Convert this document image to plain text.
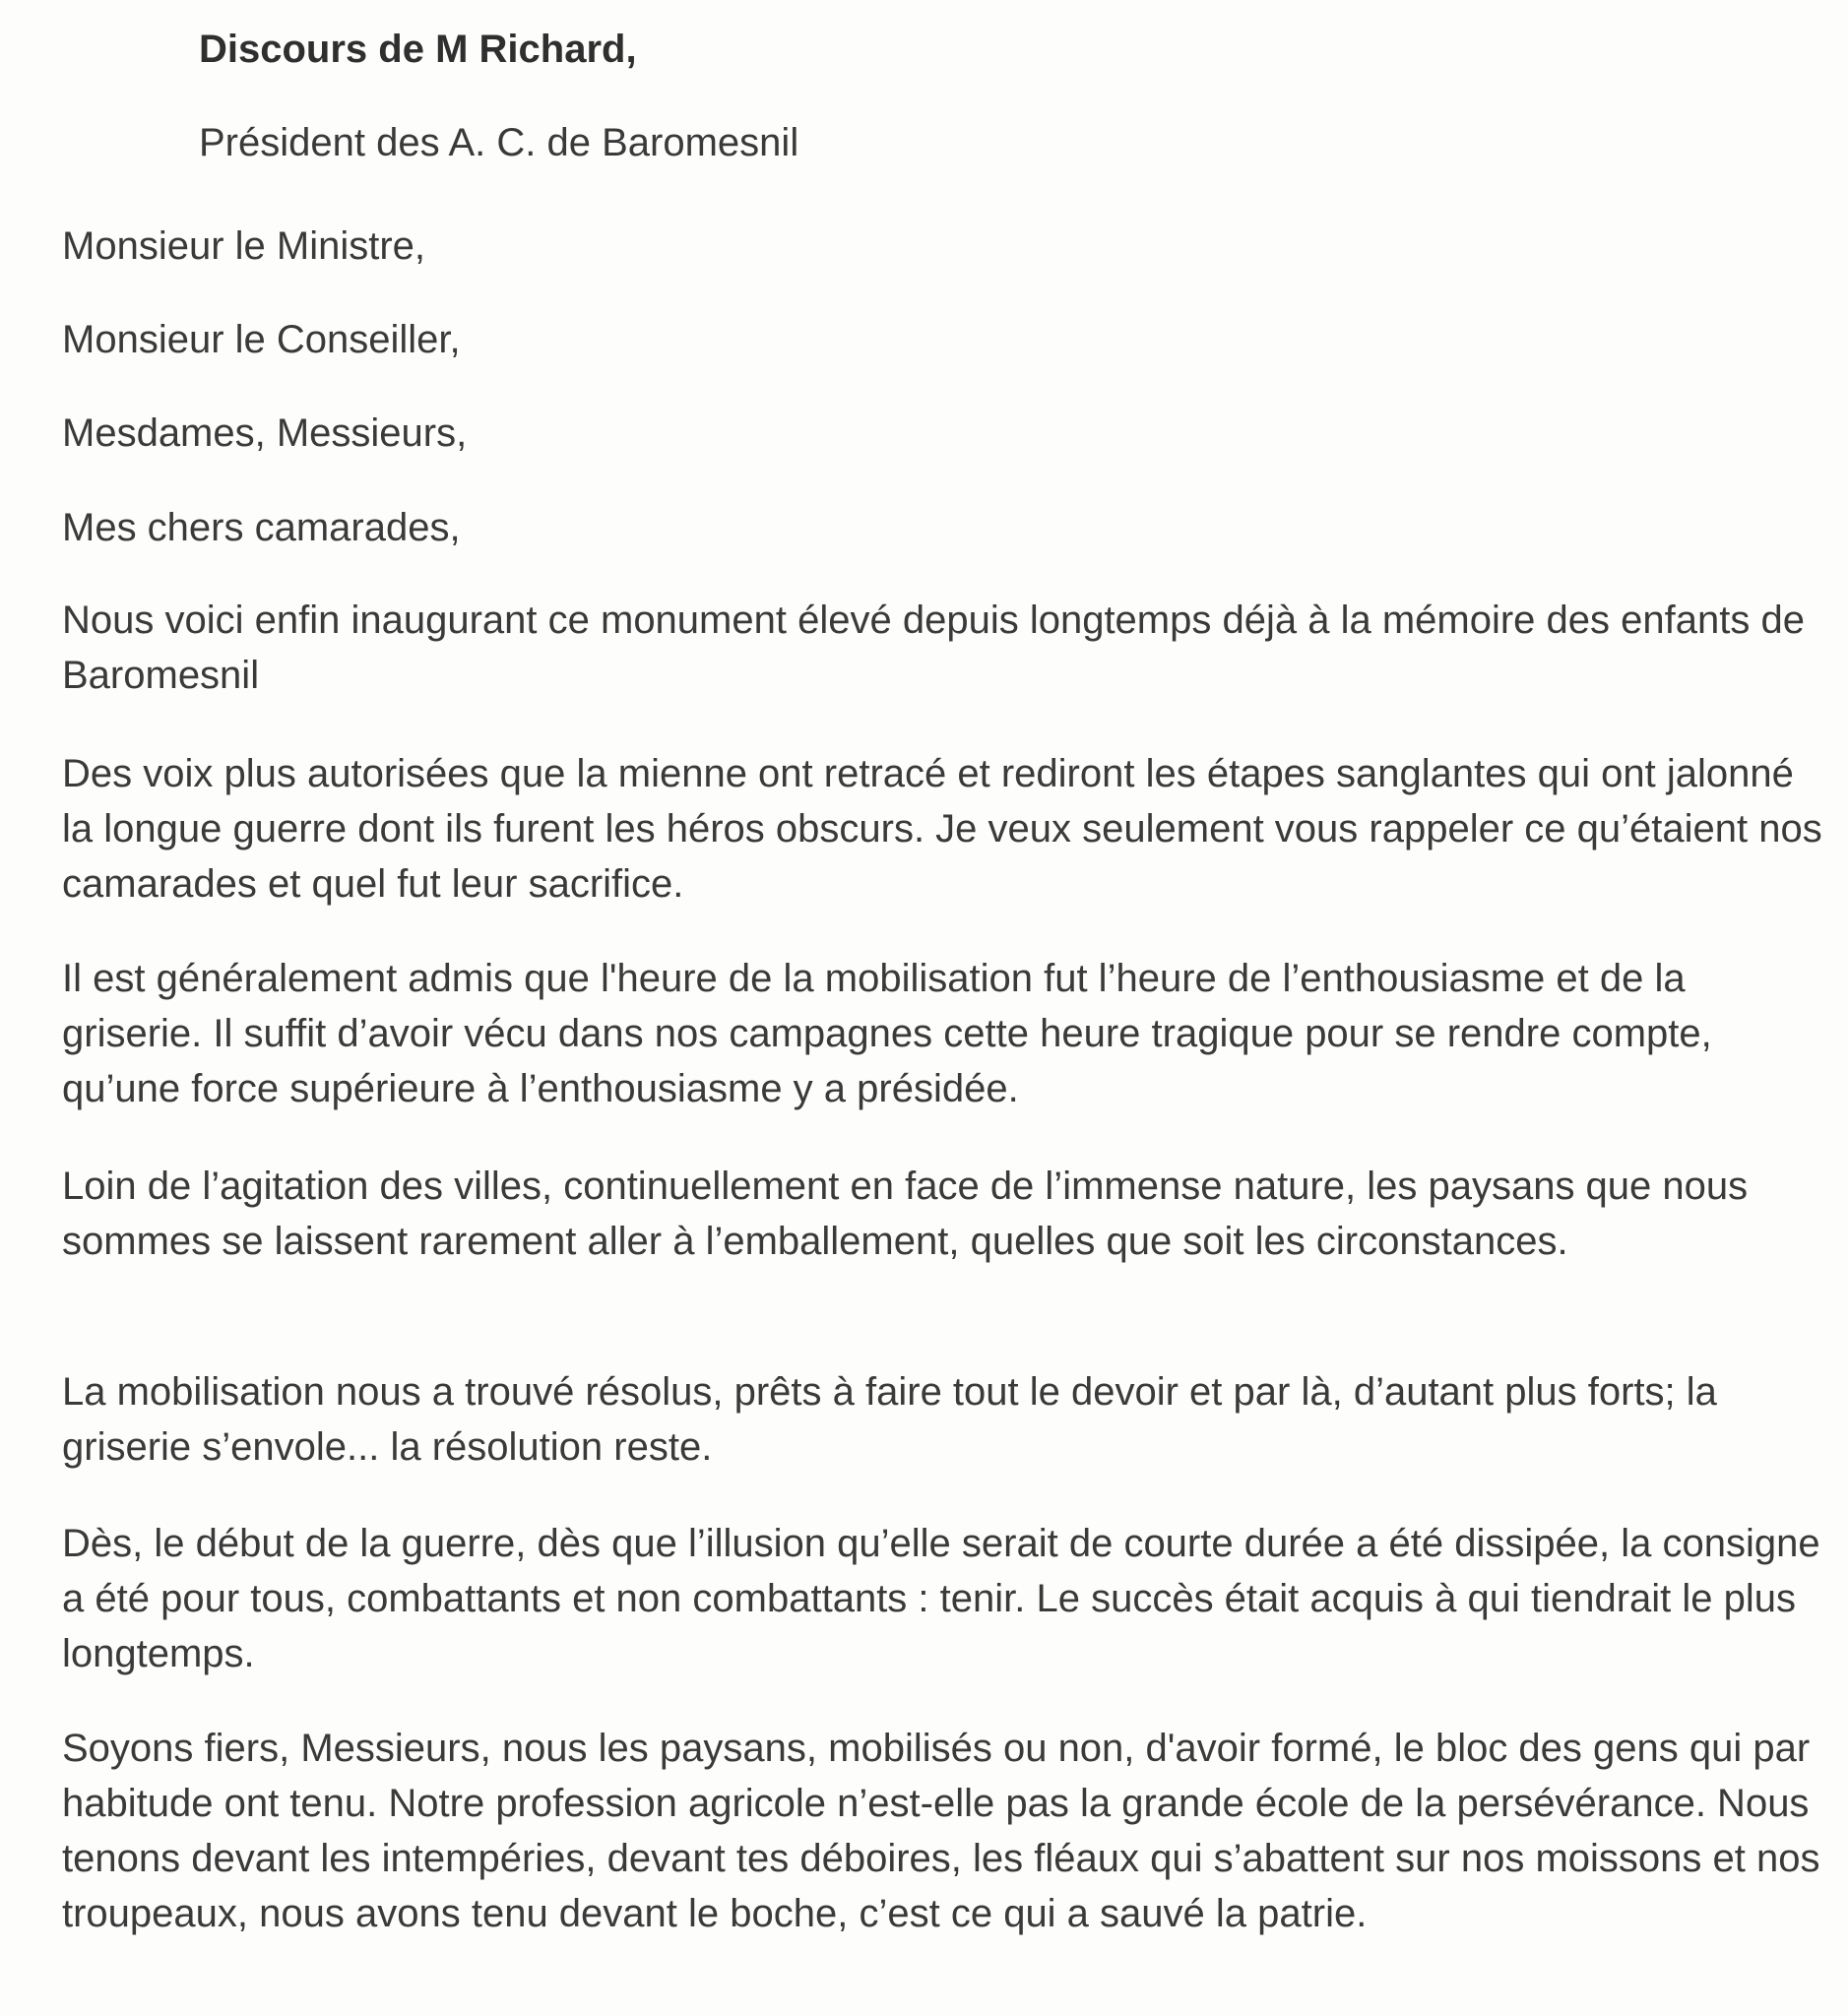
Discours de M Richard,

Président des A. C. de Baromesnil

Monsieur le Ministre,

Monsieur le Conseiller,

Mesdames, Messieurs,

Mes chers camarades,

Nous voici enfin inaugurant ce monument élevé depuis longtemps déjà à la mémoire des enfants de Baromesnil

Des voix plus autorisées que la mienne ont retracé et rediront les étapes sanglantes qui ont jalonné la longue guerre dont ils furent les héros obscurs. Je veux seulement vous rappeler ce qu’étaient nos camarades et quel fut leur sacrifice.

Il est généralement admis que l'heure de la mobilisation fut l’heure de l’enthousiasme et de la griserie. Il suffit d’avoir vécu dans nos campagnes cette heure tragique pour se rendre compte, qu’une force supérieure à l’enthousiasme y a présidée.

Loin de l’agitation des villes, continuellement en face de l’immense nature, les paysans que nous sommes se laissent rarement aller à l’emballement, quelles que soit les circonstances.

La mobilisation nous a trouvé résolus, prêts à faire tout le devoir et par là, d’autant plus forts; la griserie s’envole... la résolution reste.

Dès, le début de la guerre, dès que l’illusion qu’elle serait de courte durée a été dissipée, la consigne a été pour tous, combattants et non combattants : tenir. Le succès était acquis à qui tiendrait le plus longtemps.

Soyons fiers, Messieurs, nous les paysans, mobilisés ou non, d'avoir formé, le bloc des gens qui par habitude ont tenu. Notre profession agricole n’est-elle pas la grande école de la persévérance. Nous tenons devant les intempéries, devant tes déboires, les fléaux qui s’abattent sur nos moissons et nos troupeaux, nous avons tenu devant le boche, c’est ce qui a sauvé la patrie.
